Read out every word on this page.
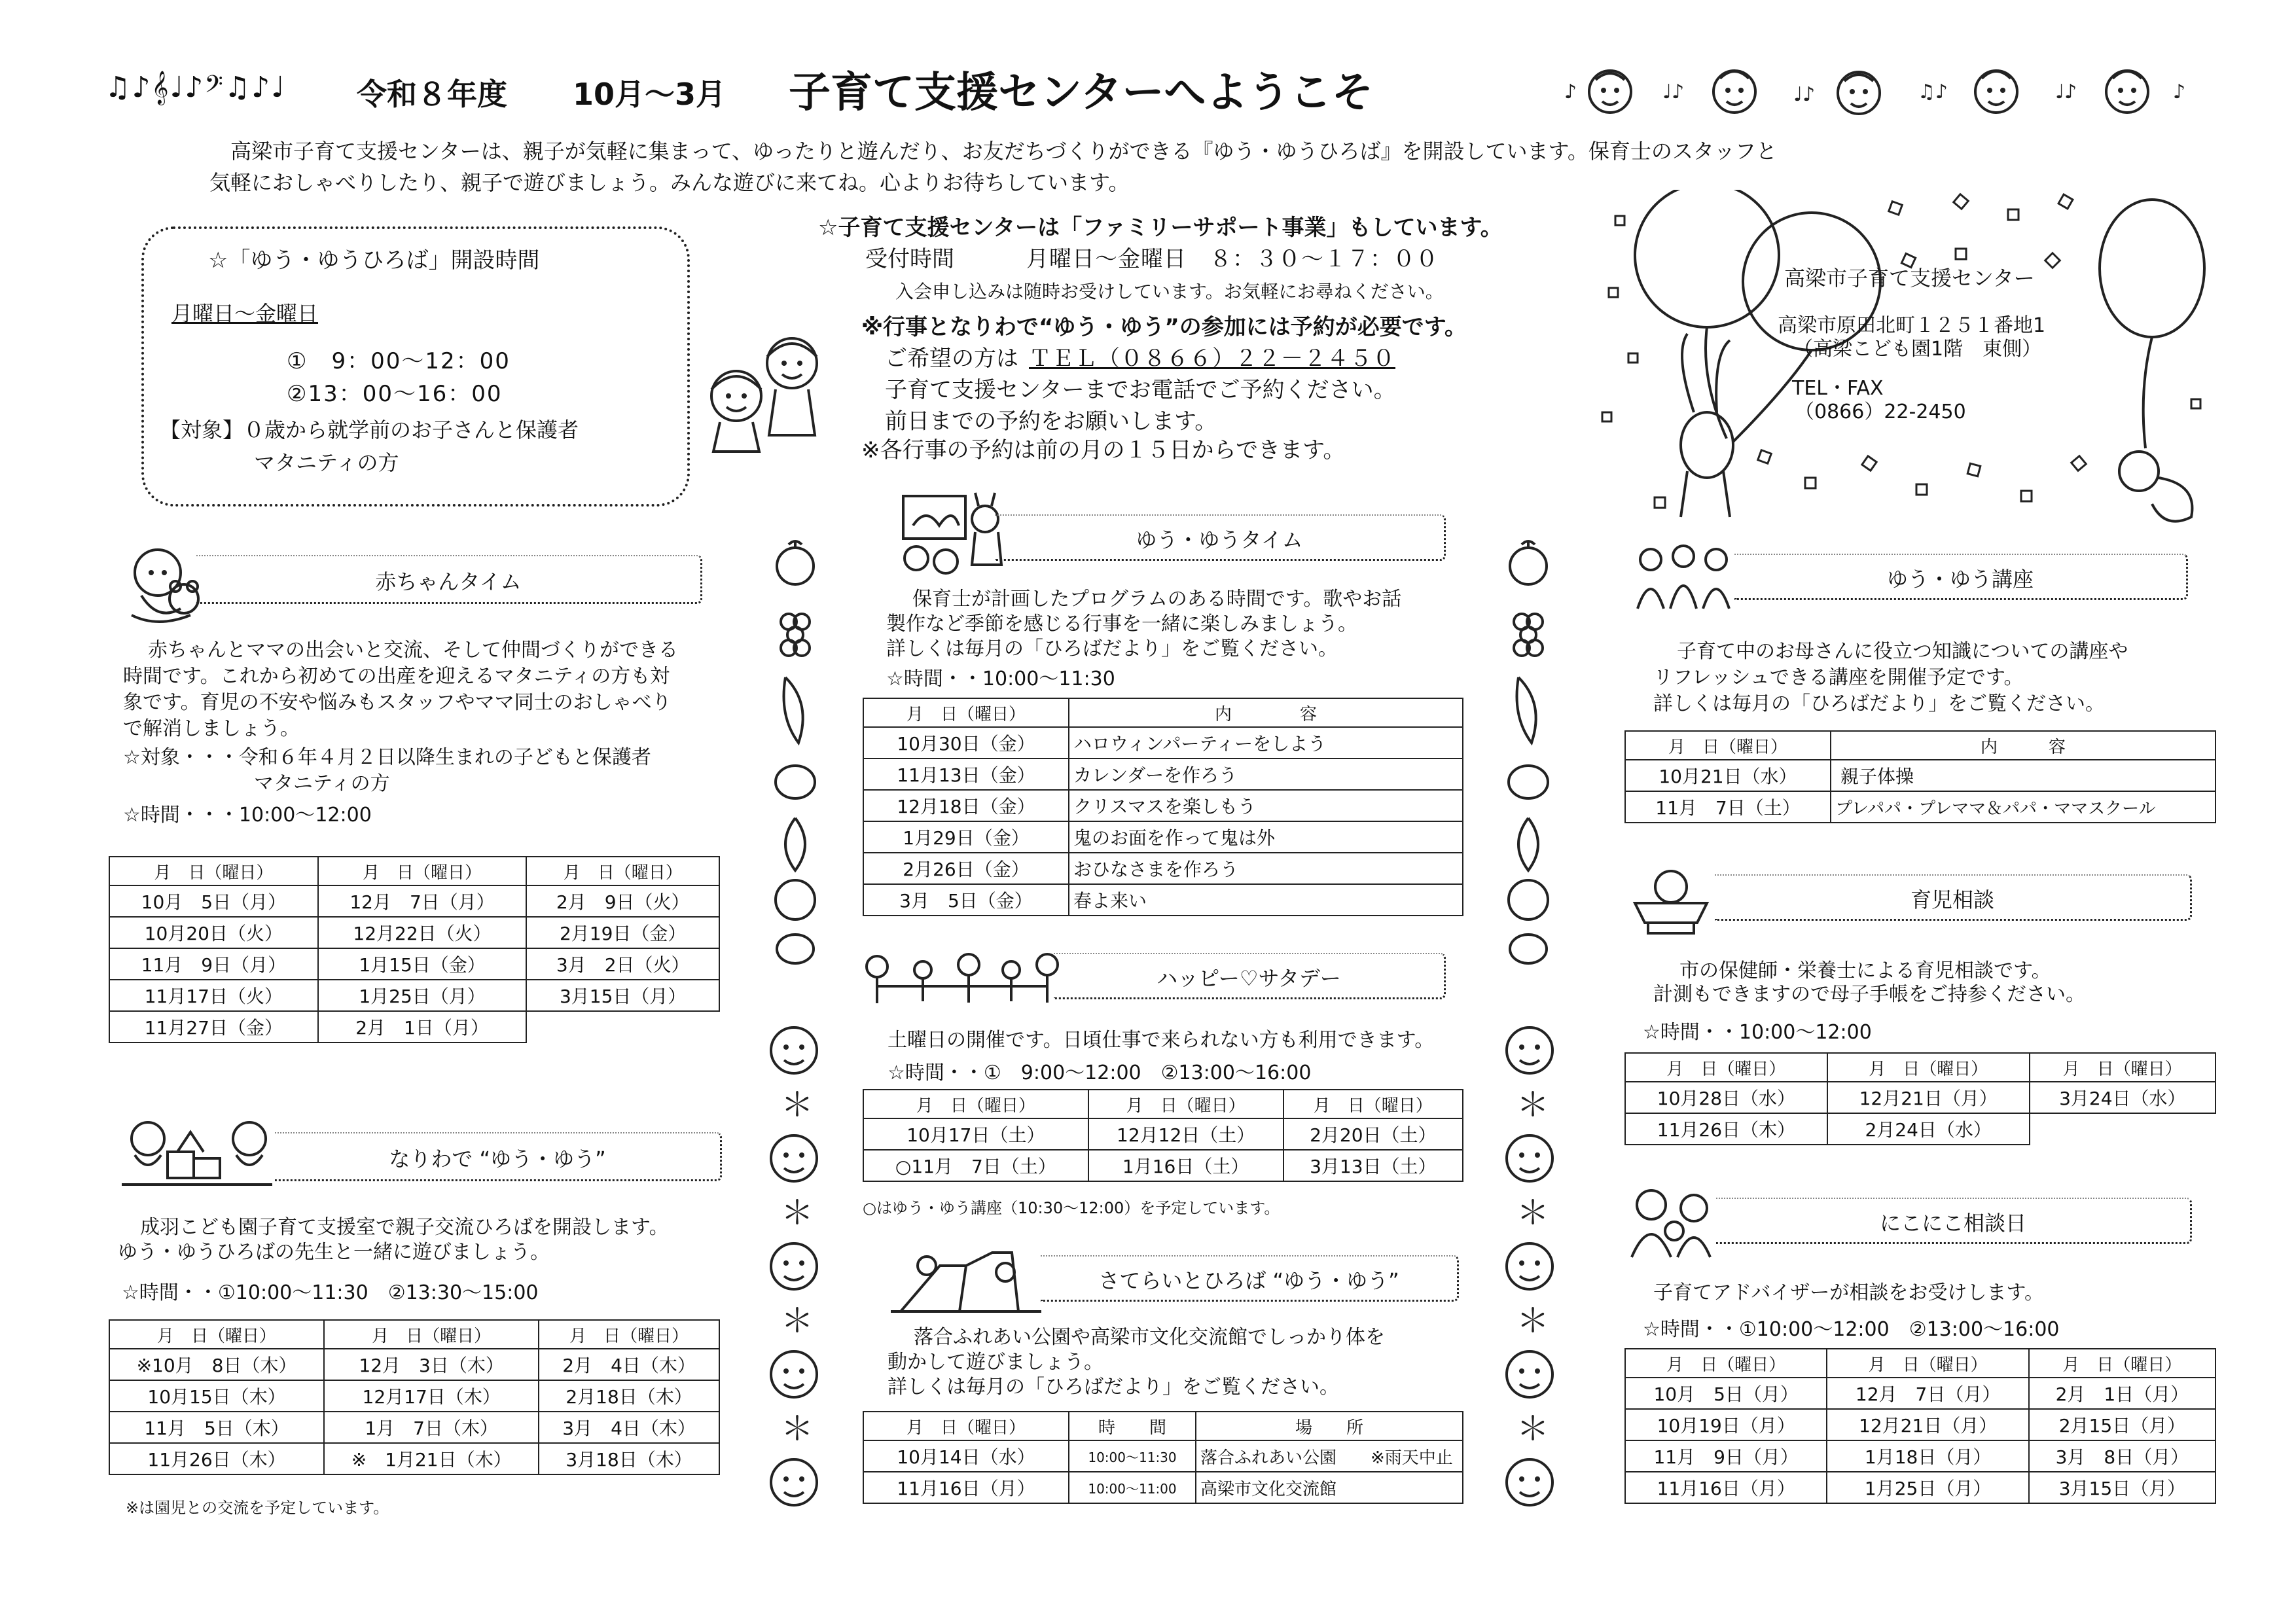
♫♪𝄞♩♪𝄢♫♪♩ 令和８年度 10月～3月 子育て支援センターへようこそ	♪	♩♪	♩♪	♫♪	♩♪	♪
高梁市子育て支援センターは、親子が気軽に集まって、ゆったりと遊んだり、お友だちづくりができる『ゆう・ゆうひろば』を開設しています。保育士のスタッフと
気軽におしゃべりしたり、親子で遊びましょう。みんな遊びに来てね。心よりお待ちしています。
☆「ゆう・ゆうひろば」開設時間
月曜日～金曜日
①　9：00～12：00
②13：00～16：00
【対象】０歳から就学前のお子さんと保護者
マタニティの方
☆子育て支援センターは「ファミリーサポート事業」もしています。
受付時間	月曜日～金曜日　８：３０～１７：００
入会申し込みは随時お受けしています。お気軽にお尋ねください。
※行事となりわで“ゆう・ゆう”の参加には予約が必要です。
ご希望の方は ＴＥＬ（０８６６）２２－２４５０
子育て支援センターまでお電話でご予約ください。
前日までの予約をお願いします。
※各行事の予約は前の月の１５日からできます。
高梁市子育て支援センター
高梁市原田北町１２５１番地1
（高梁こども園1階　東側）
TEL・FAX
（0866）22-2450
赤ちゃんタイム
赤ちゃんとママの出会いと交流、そして仲間づくりができる
時間です。これから初めての出産を迎えるマタニティの方も対
象です。育児の不安や悩みもスタッフやママ同士のおしゃべり
で解消しましょう。
☆対象・・・令和６年４月２日以降生まれの子どもと保護者
マタニティの方
☆時間・・・10:00～12:00
月　日（曜日）	月　日（曜日）	月　日（曜日）
10月　5日（月）	12月　7日（月）	2月　9日（火）
10月20日（火）	12月22日（火）	2月19日（金）
11月　9日（月）	1月15日（金）	3月　2日（火）
11月17日（火）	1月25日（月）	3月15日（月）
11月27日（金）	2月　1日（月）	
なりわで “ゆう・ゆう”
成羽こども園子育て支援室で親子交流ひろばを開設します。
ゆう・ゆうひろばの先生と一緒に遊びましょう。
☆時間・・①10:00～11:30　②13:30～15:00
月　日（曜日）	月　日（曜日）	月　日（曜日）
※10月　8日（木）	12月　3日（木）	2月　4日（木）
10月15日（木）	12月17日（木）	2月18日（木）
11月　5日（木）	1月　7日（木）	3月　4日（木）
11月26日（木）	※　1月21日（木）	3月18日（木）
※は園児との交流を予定しています。
＊
＊
＊
＊
＊
＊
＊
＊
ゆう・ゆうタイム
保育士が計画したプログラムのある時間です。歌やお話
製作など季節を感じる行事を一緒に楽しみましょう。
詳しくは毎月の「ひろばだより」をご覧ください。
☆時間・・10:00～11:30
月　日（曜日）	内　　　　容
10月30日（金）	ハロウィンパーティーをしよう
11月13日（金）	カレンダーを作ろう
12月18日（金）	クリスマスを楽しもう
1月29日（金）	鬼のお面を作って鬼は外
2月26日（金）	おひなさまを作ろう
3月　5日（金）	春よ来い
ハッピー♡サタデー
土曜日の開催です。日頃仕事で来られない方も利用できます。
☆時間・・①　9:00～12:00　②13:00～16:00
月　日（曜日）	月　日（曜日）	月　日（曜日）
10月17日（土）	12月12日（土）	2月20日（土）
○11月　7日（土）	1月16日（土）	3月13日（土）
○はゆう・ゆう講座（10:30～12:00）を予定しています。
さてらいとひろば “ゆう・ゆう”
落合ふれあい公園や高梁市文化交流館でしっかり体を
動かして遊びましょう。
詳しくは毎月の「ひろばだより」をご覧ください。
月　日（曜日）	時　　間	場　　所
10月14日（水）	10:00～11:30	落合ふれあい公園　　※雨天中止
11月16日（月）	10:00～11:00	高梁市文化交流館
ゆう・ゆう講座
子育て中のお母さんに役立つ知識についての講座や
リフレッシュできる講座を開催予定です。
詳しくは毎月の「ひろばだより」をご覧ください。
月　日（曜日）	内　　　容
10月21日（水）	親子体操
11月　7日（土）	プレパパ・プレママ＆パパ・ママスクール
育児相談
市の保健師・栄養士による育児相談です。
計測もできますので母子手帳をご持参ください。
☆時間・・10:00～12:00
月　日（曜日）	月　日（曜日）	月　日（曜日）
10月28日（水）	12月21日（月）	3月24日（水）
11月26日（木）	2月24日（水）	
にこにこ相談日
子育てアドバイザーが相談をお受けします。
☆時間・・①10:00～12:00　②13:00～16:00
月　日（曜日）	月　日（曜日）	月　日（曜日）
10月　5日（月）	12月　7日（月）	2月　1日（月）
10月19日（月）	12月21日（月）	2月15日（月）
11月　9日（月）	1月18日（月）	3月　8日（月）
11月16日（月）	1月25日（月）	3月15日（月）
